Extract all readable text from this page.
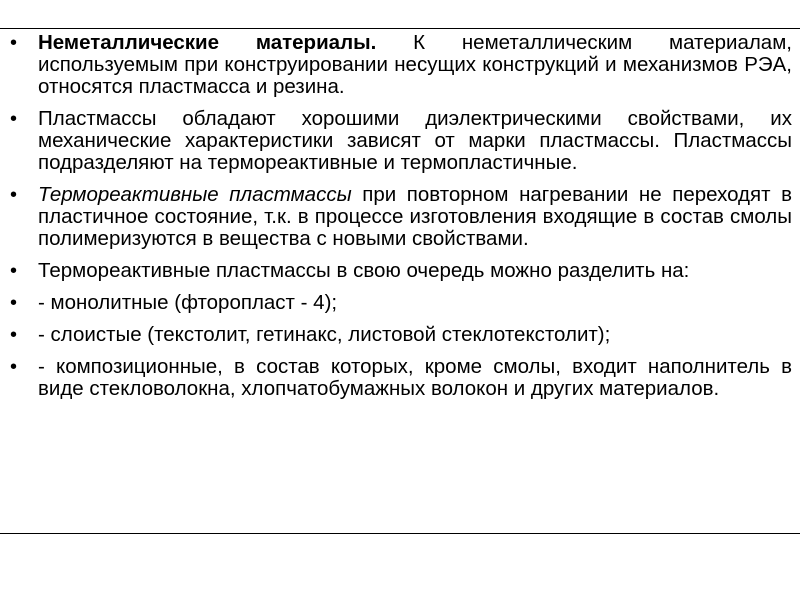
• Неметаллические материалы. К неметаллическим материалам, используемым при конструировании несущих конструкций и механизмов РЭА, относятся пластмасса и резина.
• Пластмассы обладают хорошими диэлектрическими свойствами, их механические характеристики зависят от марки пластмассы. Пластмассы подразделяют на термореактивные и термопластичные.
• Термореактивные пластмассы при повторном нагревании не переходят в пластичное состояние, т.к. в процессе изготовления входящие в состав смолы полимеризуются в вещества с новыми свойствами.
• Термореактивные пластмассы в свою очередь можно разделить на:
• - монолитные (фторопласт - 4);
• - слоистые (текстолит, гетинакс, листовой стеклотекстолит);
• - композиционные, в состав которых, кроме смолы, входит наполнитель в виде стекловолокна, хлопчатобумажных волокон и других материалов.
